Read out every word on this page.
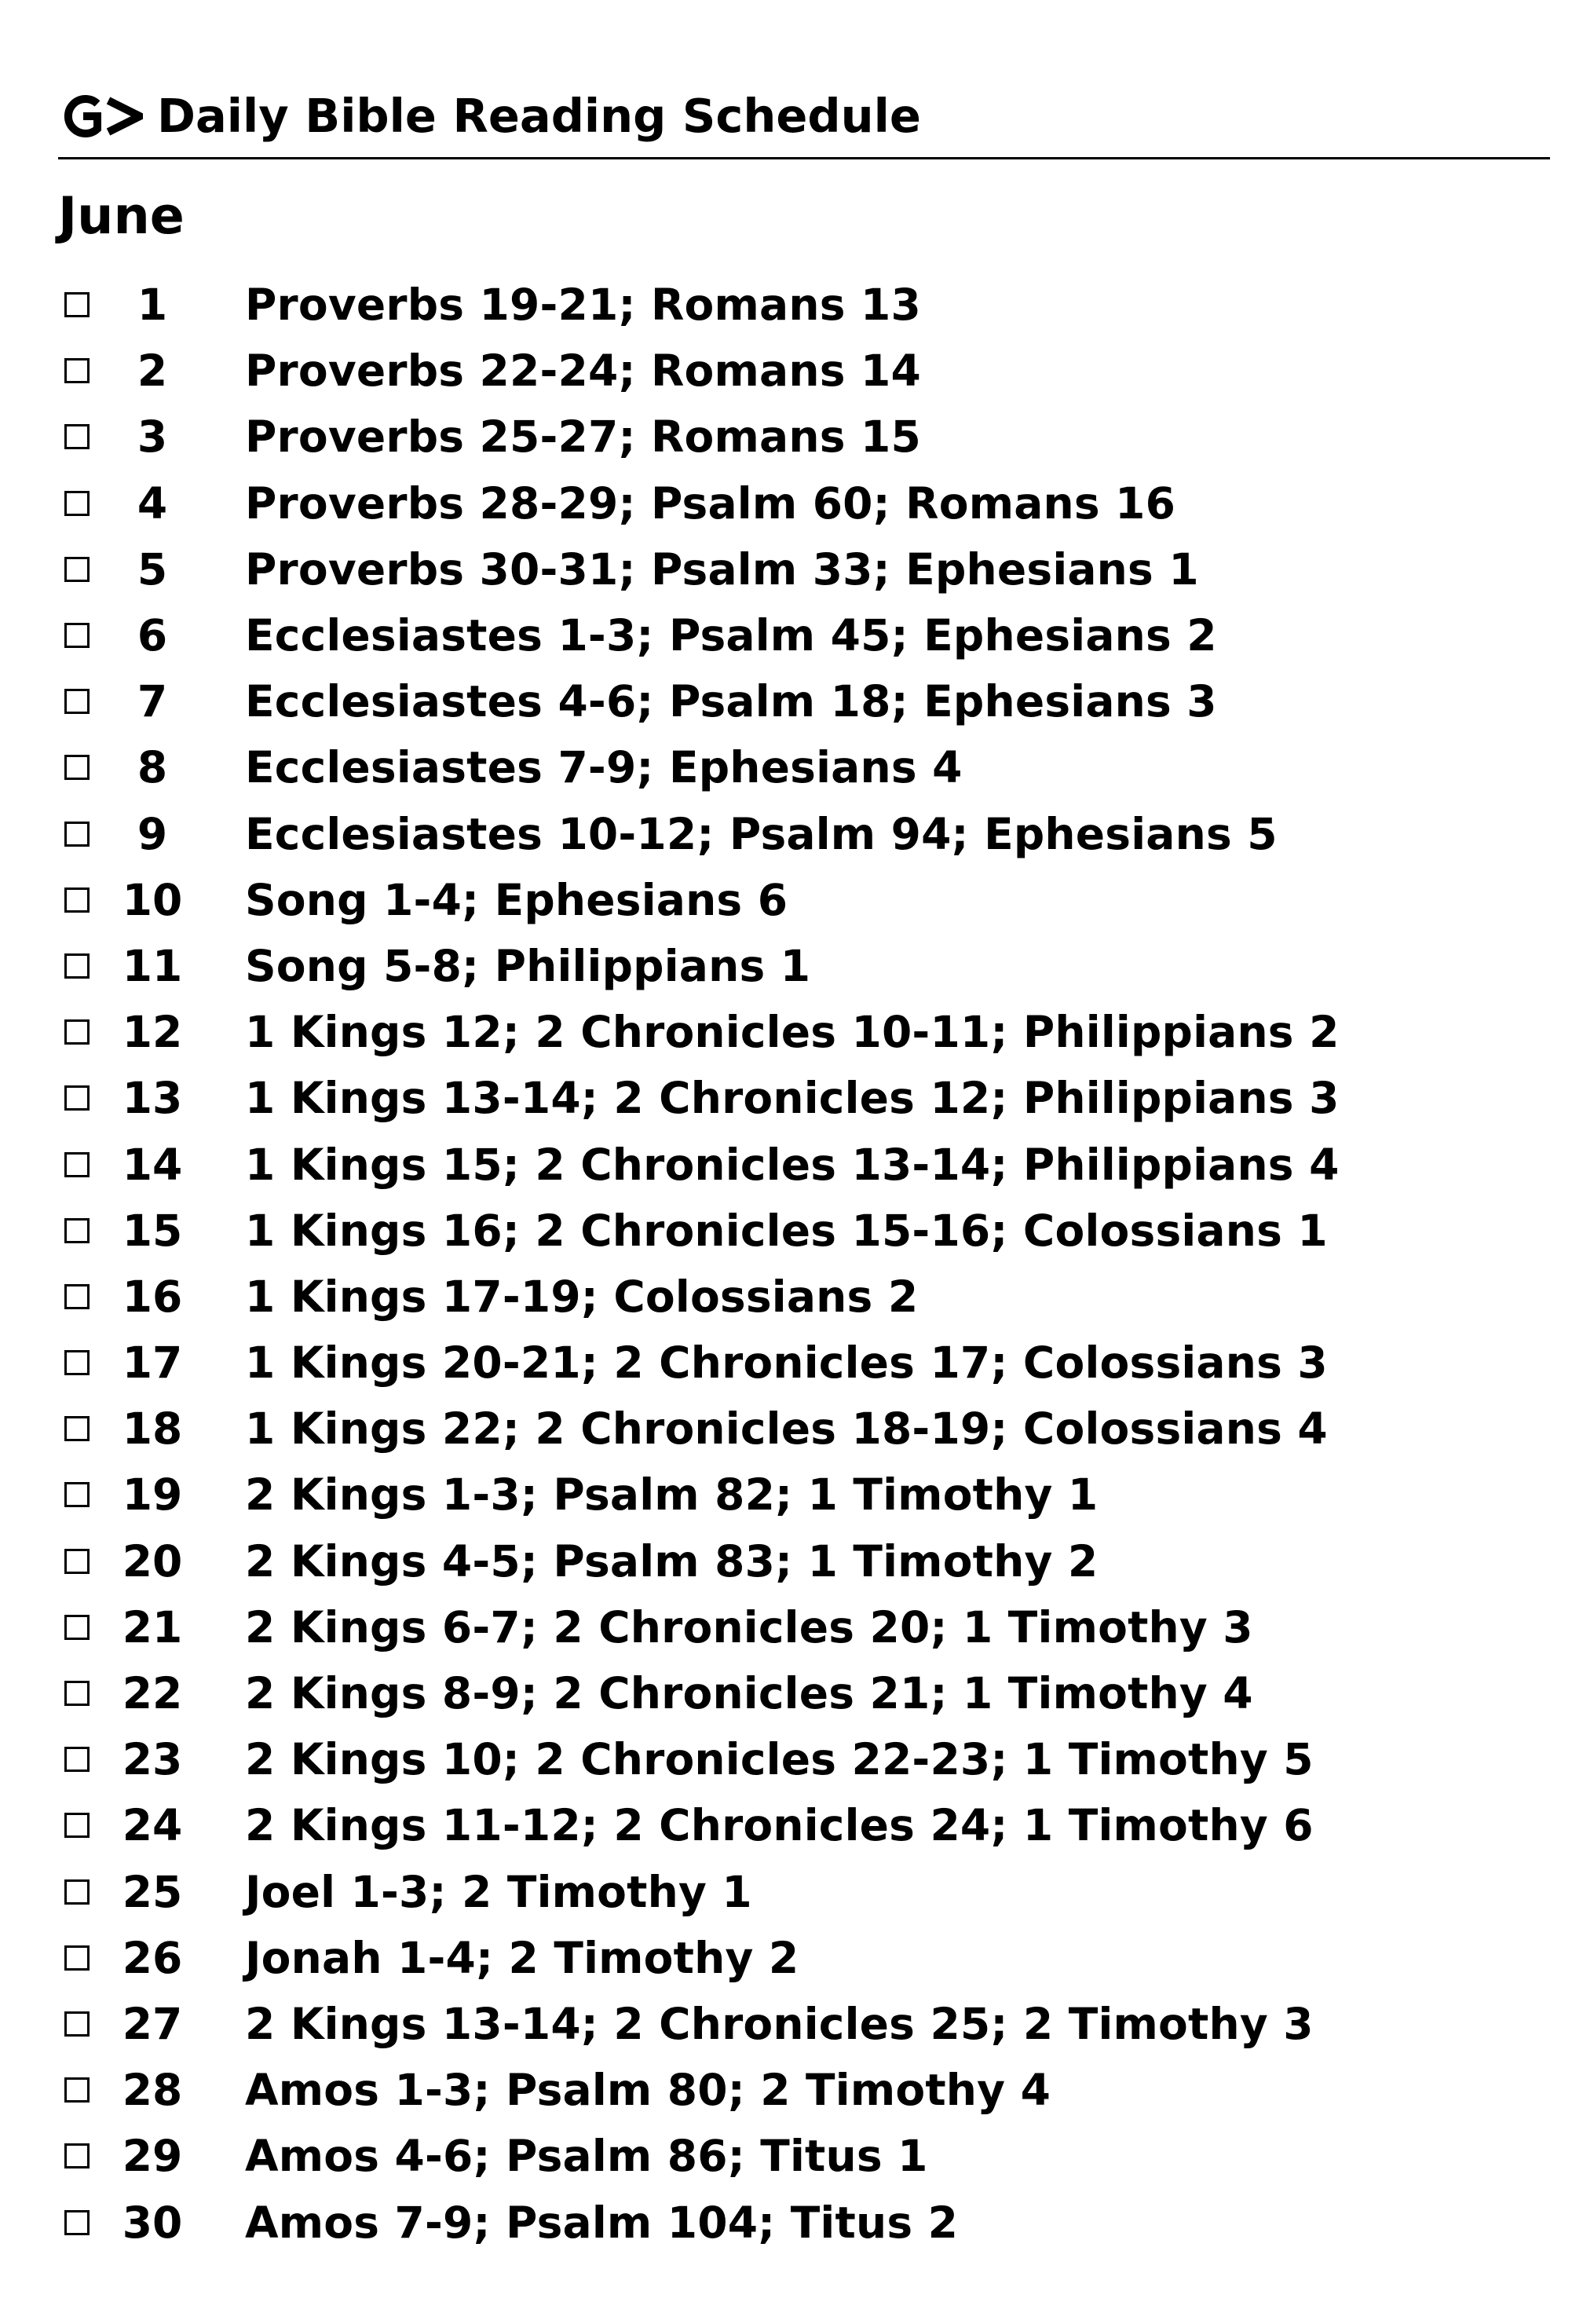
Daily Bible Reading Schedule
June
1	Proverbs 19-21; Romans 13
2	Proverbs 22-24; Romans 14
3	Proverbs 25-27; Romans 15
4	Proverbs 28-29; Psalm 60; Romans 16
5	Proverbs 30-31; Psalm 33; Ephesians 1
6	Ecclesiastes 1-3; Psalm 45; Ephesians 2
7	Ecclesiastes 4-6; Psalm 18; Ephesians 3
8	Ecclesiastes 7-9; Ephesians 4
9	Ecclesiastes 10-12; Psalm 94; Ephesians 5
10 Song 1-4; Ephesians 6
11 Song 5-8; Philippians 1
12 1 Kings 12; 2 Chronicles 10-11; Philippians 2
13 1 Kings 13-14; 2 Chronicles 12; Philippians 3
14 1 Kings 15; 2 Chronicles 13-14; Philippians 4
15 1 Kings 16; 2 Chronicles 15-16; Colossians 1
16 1 Kings 17-19; Colossians 2
17 1 Kings 20-21; 2 Chronicles 17; Colossians 3
18 1 Kings 22; 2 Chronicles 18-19; Colossians 4
19 2 Kings 1-3; Psalm 82; 1 Timothy 1
20 2 Kings 4-5; Psalm 83; 1 Timothy 2
21 2 Kings 6-7; 2 Chronicles 20; 1 Timothy 3
22 2 Kings 8-9; 2 Chronicles 21; 1 Timothy 4
23 2 Kings 10; 2 Chronicles 22-23; 1 Timothy 5
24 2 Kings 11-12; 2 Chronicles 24; 1 Timothy 6
25 Joel 1-3; 2 Timothy 1
26 Jonah 1-4; 2 Timothy 2
27 2 Kings 13-14; 2 Chronicles 25; 2 Timothy 3
28 Amos 1-3; Psalm 80; 2 Timothy 4
29 Amos 4-6; Psalm 86; Titus 1
30 Amos 7-9; Psalm 104; Titus 2
